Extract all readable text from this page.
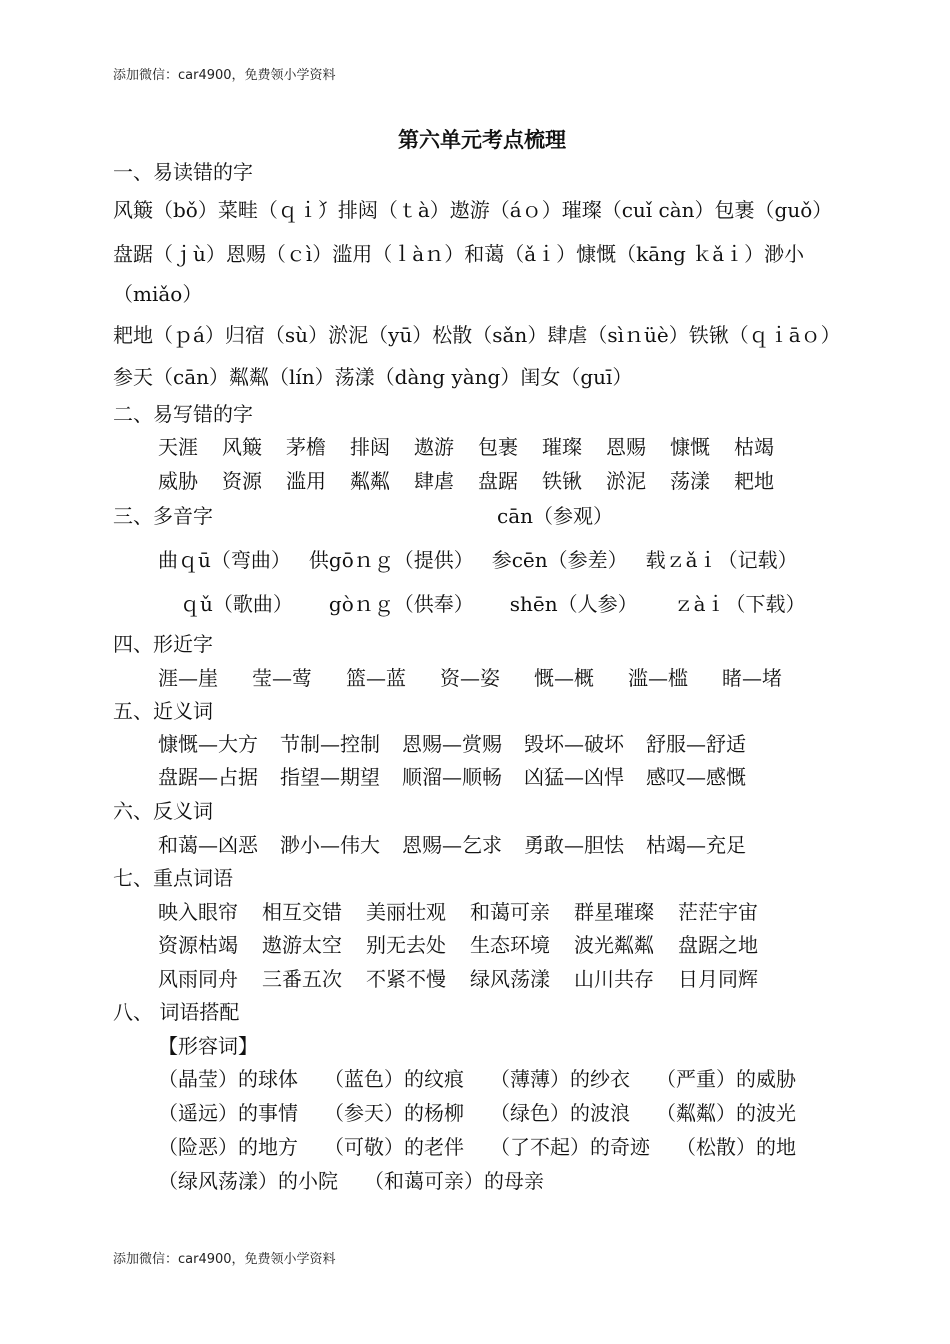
添加微信：car4900，免费领小学资料
第六单元考点梳理
一、易读错的字
风簸（bǒ）菜畦（ｑｉ́）排闼（ｔà）遨游（áｏ）璀璨（cuǐ càn）包裹（guǒ）
盘踞（ｊù）恩赐（ｃì）滥用（ｌàｎ）和蔼（ǎｉ）慷慨（kāng ｋǎｉ）渺小
（miǎo）
耙地（ｐá）归宿（sù）淤泥（yū）松散（sǎn）肆虐（sìｎüè）铁锹（ｑｉāｏ）
参天（cān）粼粼（lín）荡漾（dàng yàng）闺女（guī）
二、易写错的字
天涯 风簸 茅檐 排闼 遨游 包裹 璀璨 恩赐 慷慨 枯竭
威胁 资源 滥用 粼粼 肆虐 盘踞 铁锹 淤泥 荡漾 耙地
三、多音字	cān（参观）
曲ｑū（弯曲） 供gōｎｇ（提供） 参cēn（参差） 载ｚǎｉ（记载）
ｑǔ（歌曲） gòｎｇ（供奉） shēn（人参） ｚàｉ（下载）
四、形近字
涯—崖 莹—莺 篮—蓝 资—姿 慨—概 滥—槛 睹—堵
五、近义词
慷慨—大方 节制—控制 恩赐—赏赐 毁坏—破坏 舒服—舒适
盘踞—占据 指望—期望 顺溜—顺畅 凶猛—凶悍 感叹—感慨
六、反义词
和蔼—凶恶 渺小—伟大 恩赐—乞求 勇敢—胆怯 枯竭—充足
七、重点词语
映入眼帘 相互交错 美丽壮观 和蔼可亲 群星璀璨 茫茫宇宙
资源枯竭 遨游太空 别无去处 生态环境 波光粼粼 盘踞之地
风雨同舟 三番五次 不紧不慢 绿风荡漾 山川共存 日月同辉
八、 词语搭配
【形容词】
（晶莹）的球体 （蓝色）的纹痕 （薄薄）的纱衣 （严重）的威胁
（遥远）的事情 （参天）的杨柳 （绿色）的波浪 （粼粼）的波光
（险恶）的地方 （可敬）的老伴 （了不起）的奇迹 （松散）的地
（绿风荡漾）的小院 （和蔼可亲）的母亲
添加微信：car4900，免费领小学资料
